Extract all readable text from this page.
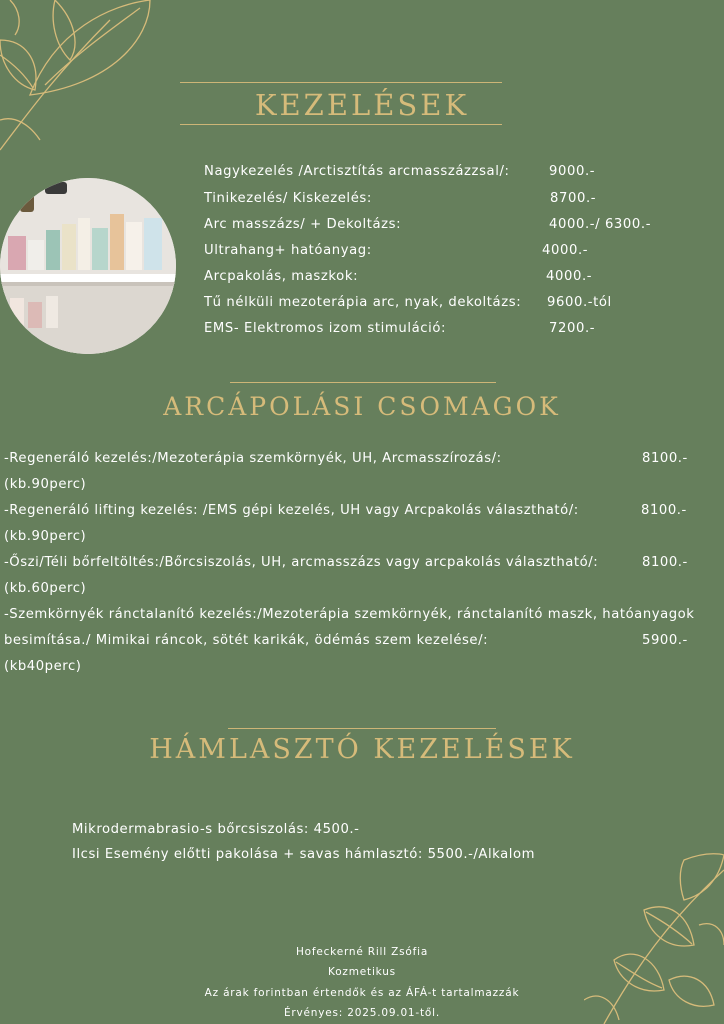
KEZELÉSEK
Nagykezelés /Arctisztítás arcmasszázzsal/:	9000.-
Tinikezelés/ Kiskezelés:	8700.-
Arc masszázs/ + Dekoltázs:	4000.-/ 6300.-
Ultrahang+ hatóanyag:	4000.-
Arcpakolás, maszkok:	4000.-
Tű nélküli mezoterápia arc, nyak, dekoltázs: 9600.-tól
EMS- Elektromos izom stimuláció:	7200.-
ARCÁPOLÁSI CSOMAGOK
-Regeneráló kezelés:/Mezoterápia szemkörnyék, UH, Arcmasszírozás/:	8100.-
(kb.90perc)
-Regeneráló lifting kezelés: /EMS gépi kezelés, UH vagy Arcpakolás választható/:	8100.-
(kb.90perc)
-Őszi/Téli bőrfeltöltés:/Bőrcsiszolás, UH, arcmasszázs vagy arcpakolás választható/:	8100.-
(kb.60perc)
-Szemkörnyék ránctalanító kezelés:/Mezoterápia szemkörnyék, ránctalanító maszk, hatóanyagok
besimítása./ Mimikai ráncok, sötét karikák, ödémás szem kezelése/:	5900.-
(kb40perc)
HÁMLASZTÓ KEZELÉSEK
Mikrodermabrasio-s bőrcsiszolás: 4500.-
Ilcsi Esemény előtti pakolása + savas hámlasztó: 5500.-/Alkalom
Hofeckerné Rill Zsófia
Kozmetikus
Az árak forintban értendők és az ÁFÁ-t tartalmazzák
Érvényes: 2025.09.01-től.
